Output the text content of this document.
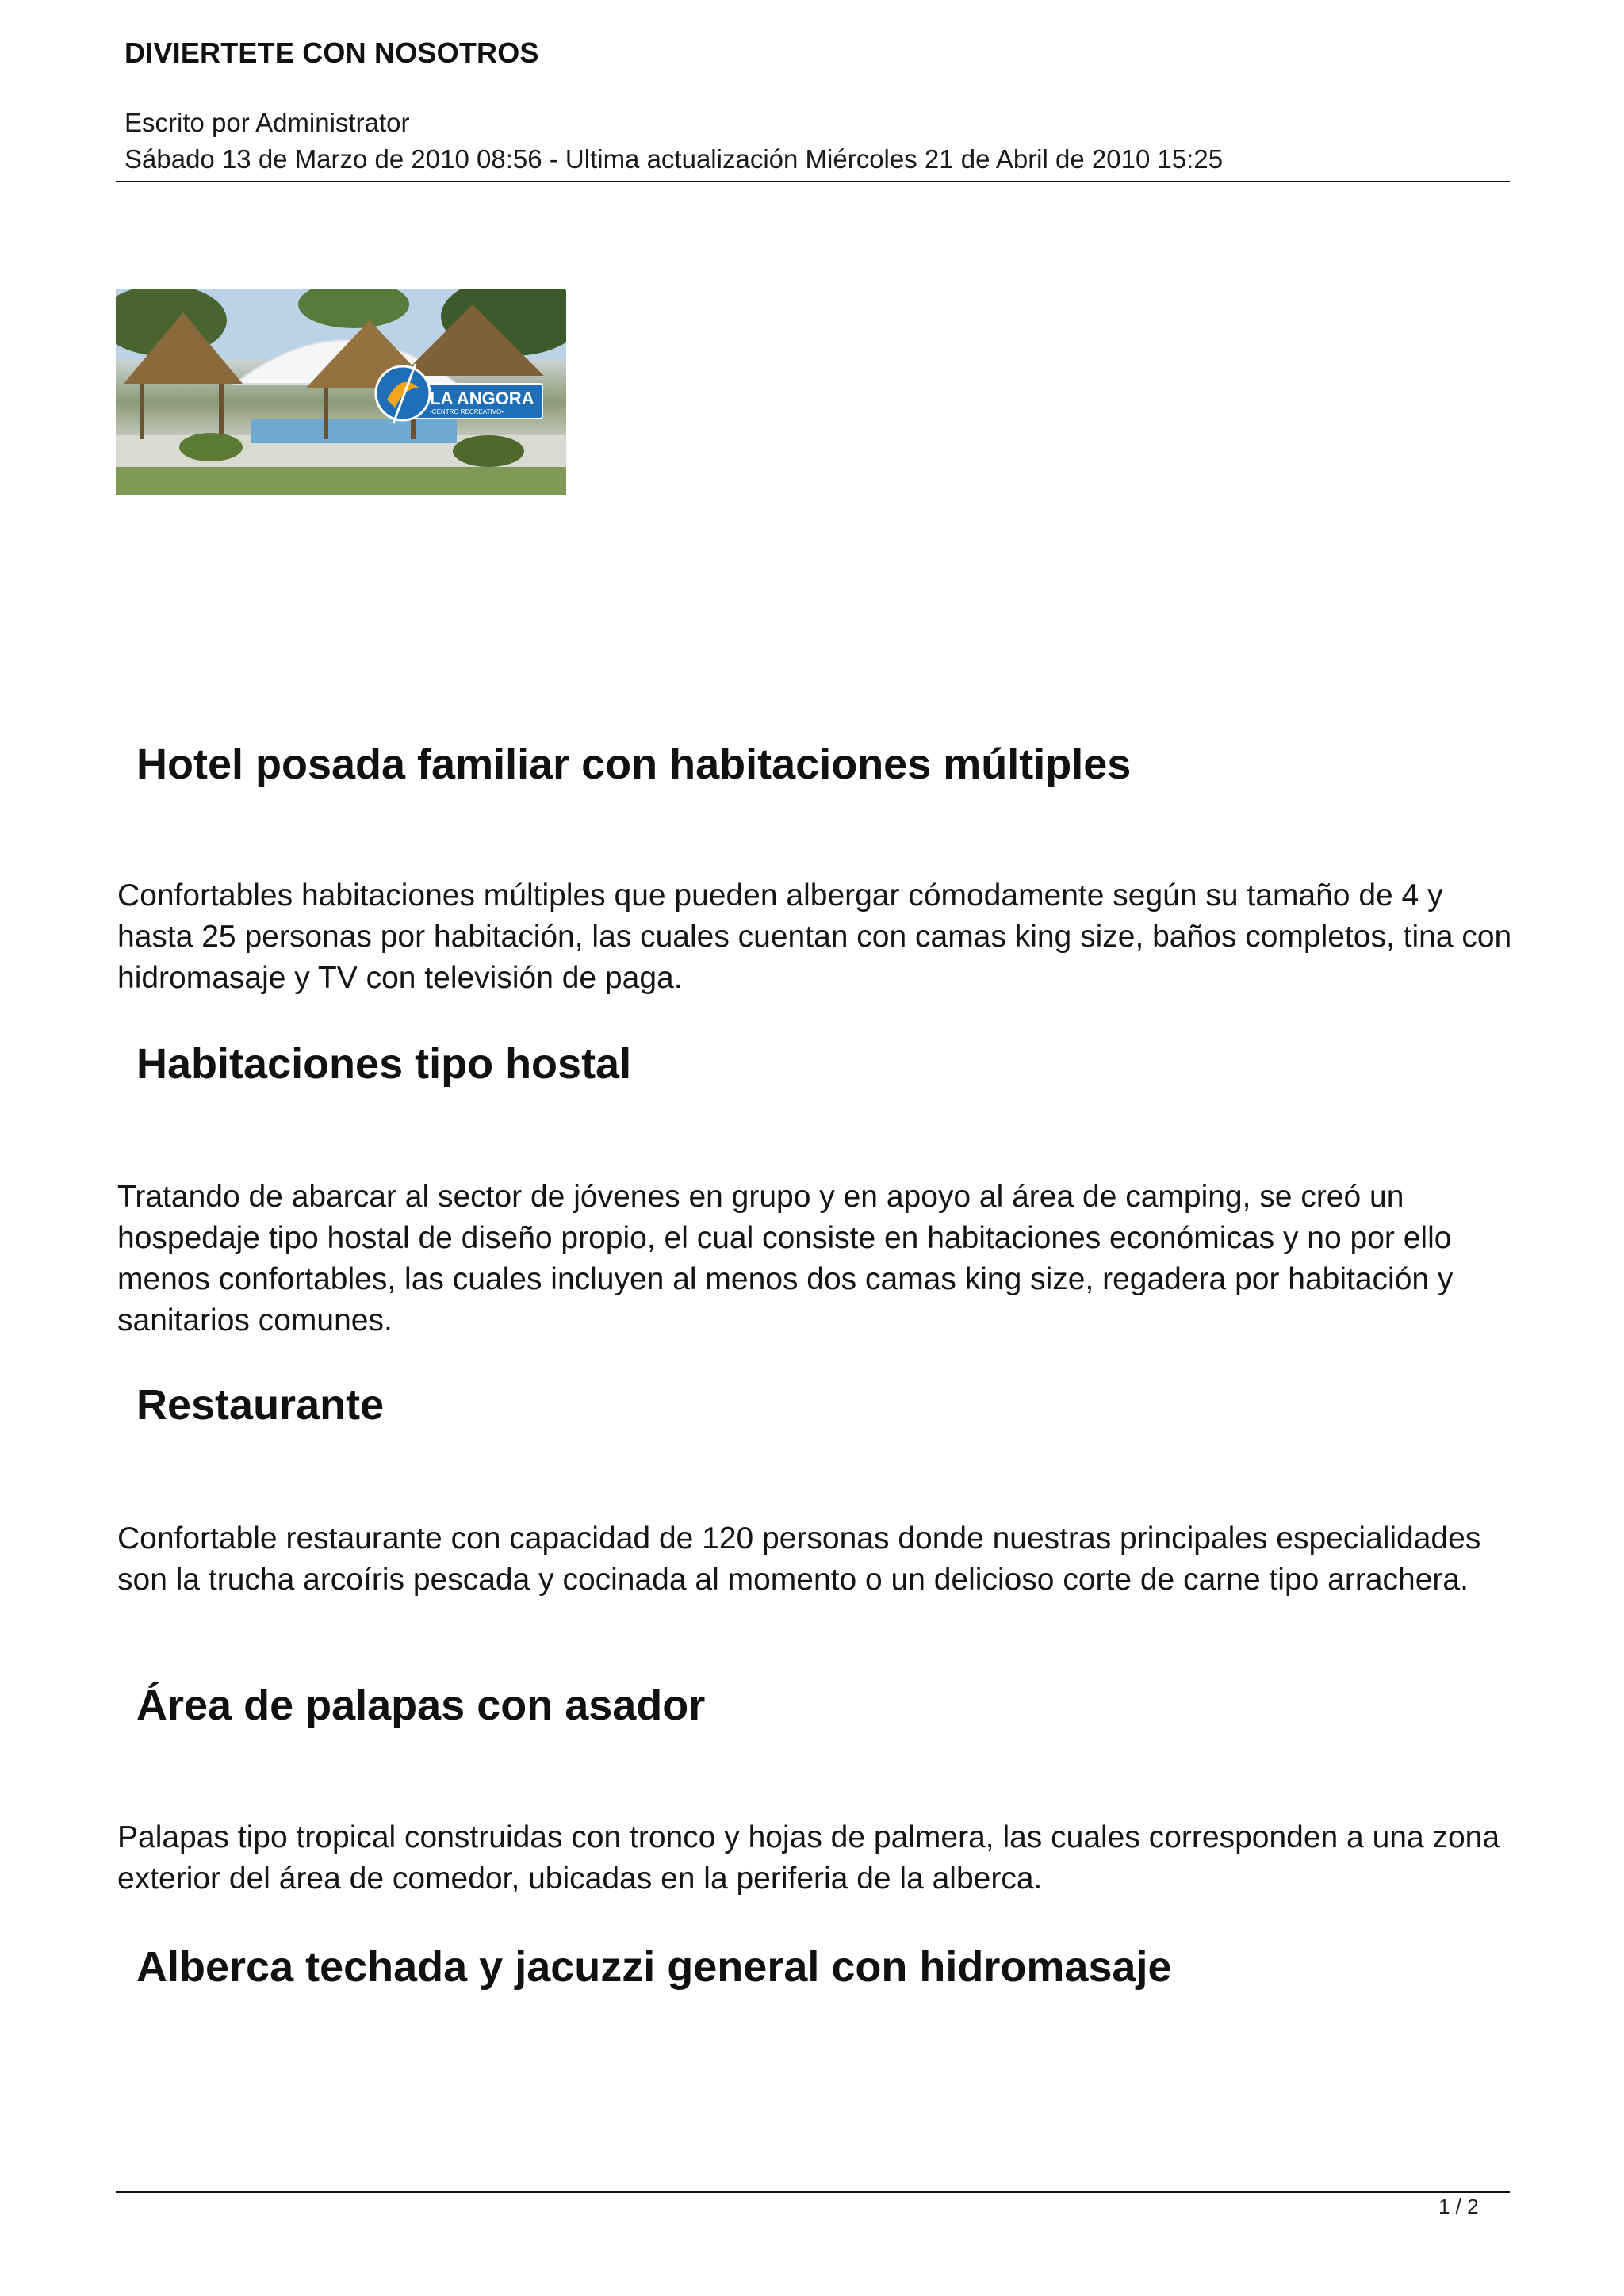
DIVIERTETE CON NOSOTROS
Escrito por Administrator
Sábado 13 de Marzo de 2010 08:56 - Ultima actualización Miércoles 21 de Abril de 2010 15:25
LA ANGORA
•CENTRO RECREATIVO•
Hotel posada familiar con habitaciones múltiples

Confortables habitaciones múltiples que pueden albergar cómodamente según su tamaño de 4 y hasta 25 personas por habitación, las cuales cuentan con camas king size, baños completos, tina con hidromasaje y TV con televisión de paga.

Habitaciones tipo hostal

Tratando de abarcar al sector de jóvenes en grupo y en apoyo al área de camping, se creó un hospedaje tipo hostal de diseño propio, el cual consiste en habitaciones económicas y no por ello menos confortables, las cuales incluyen al menos dos camas king size, regadera por habitación y sanitarios comunes.

Restaurante

Confortable restaurante con capacidad de 120 personas donde nuestras principales especialidades son la trucha arcoíris pescada y cocinada al momento o un delicioso corte de carne tipo arrachera.

Área de palapas con asador

Palapas tipo tropical construidas con tronco y hojas de palmera, las cuales corresponden a una zona exterior del área de comedor, ubicadas en la periferia de la alberca.

Alberca techada y jacuzzi general con hidromasaje
1 / 2
